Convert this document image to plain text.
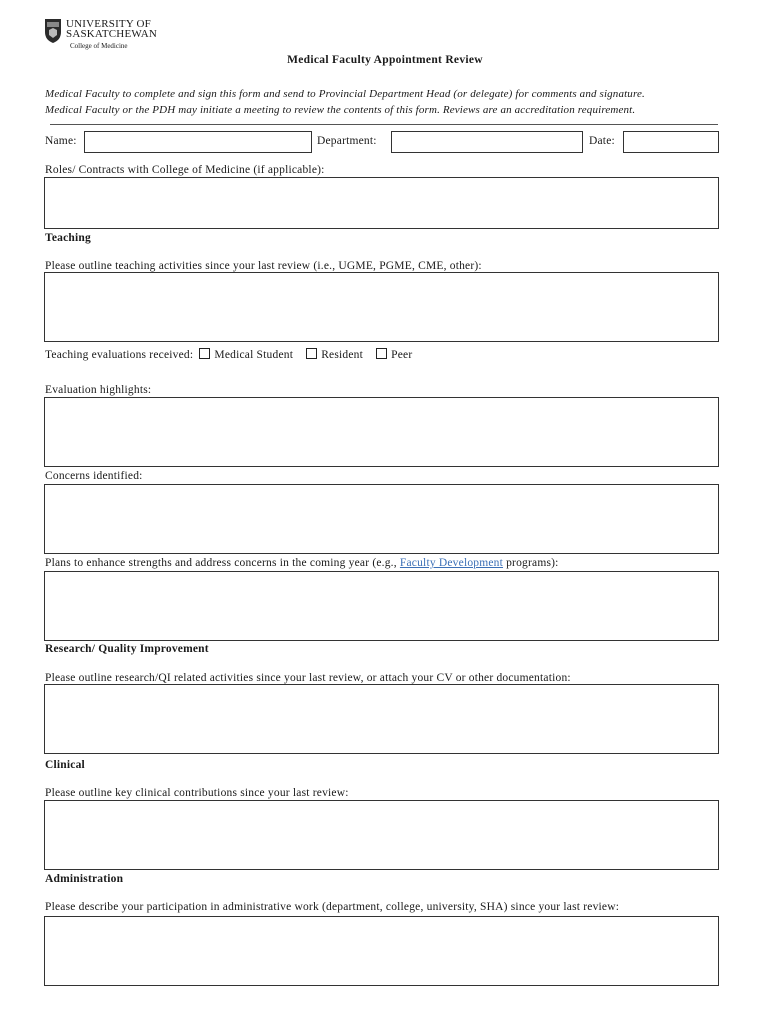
UNIVERSITY OF
SASKATCHEWAN
College of Medicine
Medical Faculty Appointment Review
Medical Faculty to complete and sign this form and send to Provincial Department Head (or delegate) for comments and signature.
Medical Faculty or the PDH may initiate a meeting to review the contents of this form. Reviews are an accreditation requirement.
Name:	Department:	Date:
Roles/ Contracts with College of Medicine (if applicable):
Teaching
Please outline teaching activities since your last review (i.e., UGME, PGME, CME, other):
Teaching evaluations received: Medical Student Resident Peer
Evaluation highlights:
Concerns identified:
Plans to enhance strengths and address concerns in the coming year (e.g., Faculty Development programs):
Research/ Quality Improvement
Please outline research/QI related activities since your last review, or attach your CV or other documentation:
Clinical
Please outline key clinical contributions since your last review:
Administration
Please describe your participation in administrative work (department, college, university, SHA) since your last review:
